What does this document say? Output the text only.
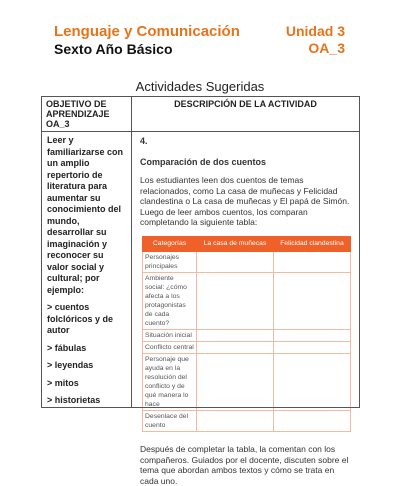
Lenguaje y Comunicación
Sexto Año Básico
Unidad 3
OA_3
Actividades Sugeridas
OBJETIVO DE APRENDIZAJE OA_3	DESCRIPCIÓN DE LA ACTIVIDAD

Leer y familiarizarse con un amplio repertorio de literatura para aumentar su conocimiento del mundo, desarrollar su imaginación y reconocer su valor social y cultural; por ejemplo:
> cuentos folclóricos y de autor
> fábulas
> leyendas
> mitos
> historietas

4.
Comparación de dos cuentos
Los estudiantes leen dos cuentos de temas relacionados, como La casa de muñecas y Felicidad clandestina o La casa de muñecas y El papá de Simón. Luego de leer ambos cuentos, los comparan completando la siguiente tabla:
Categorías	La casa de muñecas	Felicidad clandestina
Personajes principales		
Ambiente social: ¿cómo afecta a los protagonistas de cada cuento?		
Situación inicial		
Conflicto central		
Personaje que ayuda en la resolución del conflicto y de qué manera lo hace		
Desenlace del cuento		
Después de completar la tabla, la comentan con los compañeros. Guiados por el docente, discuten sobre el tema que abordan ambos textos y cómo se trata en cada uno.
